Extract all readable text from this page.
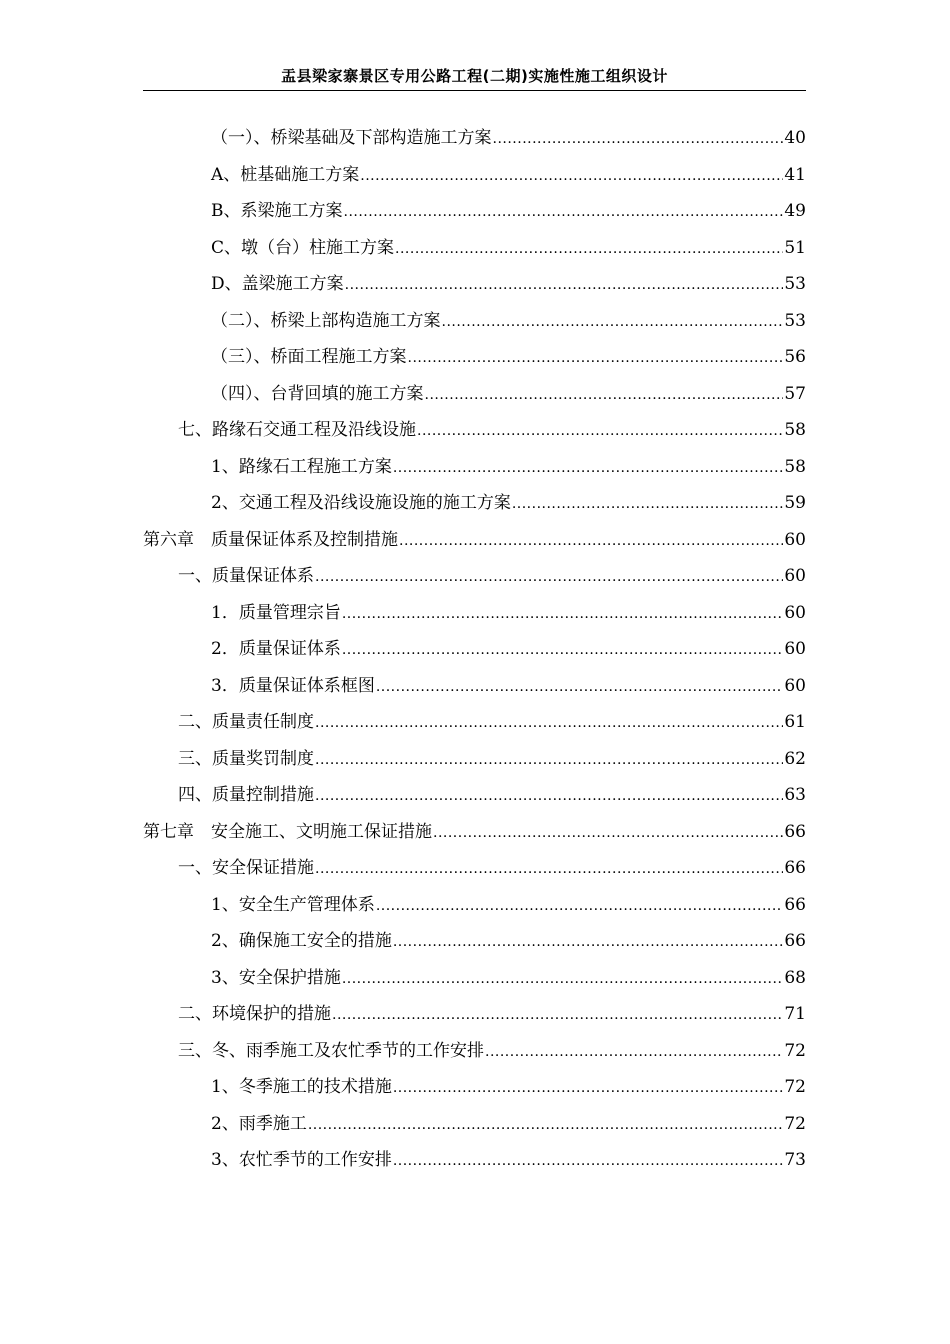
盂县梁家寨景区专用公路工程(二期)实施性施工组织设计
（一）、桥梁基础及下部构造施工方案 .....	40
A、桩基础施工方案 .....	41
B、系梁施工方案 .....	49
C、墩（台）柱施工方案 .....	51
D、盖梁施工方案 .....	53
（二）、桥梁上部构造施工方案 .....	53
（三）、桥面工程施工方案 .....	56
（四）、台背回填的施工方案 .....	57
七、路缘石交通工程及沿线设施 .....	58
1、路缘石工程施工方案 .....	58
2、交通工程及沿线设施设施的施工方案 .....	59
第六章　质量保证体系及控制措施 .....	60
一、质量保证体系 .....	60
1．质量管理宗旨 .....	60
2．质量保证体系 .....	60
3．质量保证体系框图 .....	60
二、质量责任制度 .....	61
三、质量奖罚制度 .....	62
四、质量控制措施 .....	63
第七章　安全施工、文明施工保证措施 .....	66
一、安全保证措施 .....	66
1、安全生产管理体系 .....	66
2、确保施工安全的措施 .....	66
3、安全保护措施 .....	68
二、环境保护的措施 .....	71
三、冬、雨季施工及农忙季节的工作安排 .....	72
1、冬季施工的技术措施 .....	72
2、雨季施工 .....	72
3、农忙季节的工作安排 .....	73
